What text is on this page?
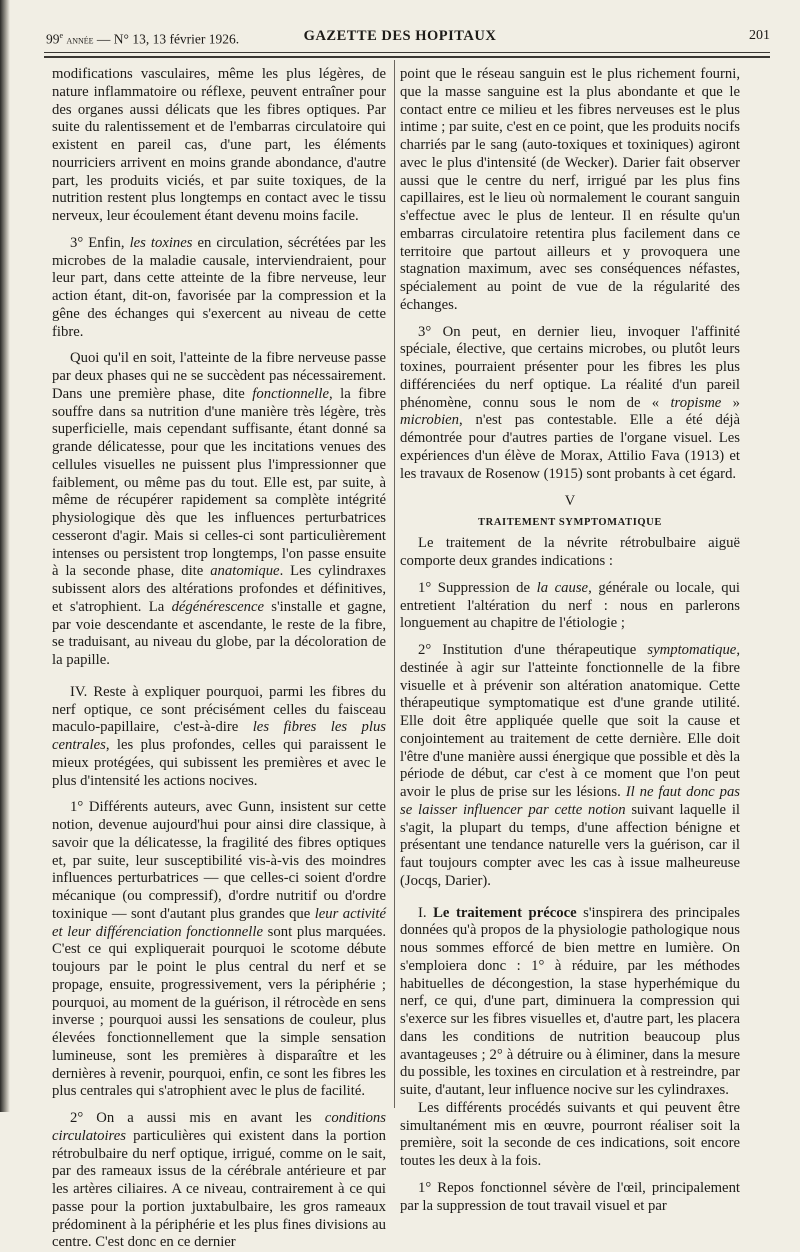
99e année — N° 13, 13 février 1926.	GAZETTE DES HOPITAUX	201

modifications vasculaires, même les plus légères, de nature inflammatoire ou réflexe, peuvent entraîner pour des organes aussi délicats que les fibres optiques. Par suite du ralentissement et de l'embarras circulatoire qui existent en pareil cas, d'une part, les éléments nourriciers arrivent en moins grande abondance, d'autre part, les produits viciés, et par suite toxiques, de la nutrition restent plus longtemps en contact avec le tissu nerveux, leur écoulement étant devenu moins facile.

3° Enfin, les toxines en circulation, sécrétées par les microbes de la maladie causale, interviendraient, pour leur part, dans cette atteinte de la fibre nerveuse, leur action étant, dit-on, favorisée par la compression et la gêne des échanges qui s'exercent au niveau de cette fibre.

Quoi qu'il en soit, l'atteinte de la fibre nerveuse passe par deux phases qui ne se succèdent pas nécessairement. Dans une première phase, dite fonctionnelle, la fibre souffre dans sa nutrition d'une manière très légère, très superficielle, mais cependant suffisante, étant donné sa grande délicatesse, pour que les incitations venues des cellules visuelles ne puissent plus l'impressionner que faiblement, ou même pas du tout. Elle est, par suite, à même de récupérer rapidement sa complète intégrité physiologique dès que les influences perturbatrices cesseront d'agir. Mais si celles-ci sont particulièrement intenses ou persistent trop longtemps, l'on passe ensuite à la seconde phase, dite anatomique. Les cylindraxes subissent alors des altérations profondes et définitives, et s'atrophient. La dégénérescence s'installe et gagne, par voie descendante et ascendante, le reste de la fibre, se traduisant, au niveau du globe, par la décoloration de la papille.

IV. Reste à expliquer pourquoi, parmi les fibres du nerf optique, ce sont précisément celles du faisceau maculo-papillaire, c'est-à-dire les fibres les plus centrales, les plus profondes, celles qui paraissent le mieux protégées, qui subissent les premières et avec le plus d'intensité les actions nocives.

1° Différents auteurs, avec Gunn, insistent sur cette notion, devenue aujourd'hui pour ainsi dire classique, à savoir que la délicatesse, la fragilité des fibres optiques et, par suite, leur susceptibilité vis-à-vis des moindres influences perturbatrices — que celles-ci soient d'ordre mécanique (ou compressif), d'ordre nutritif ou d'ordre toxinique — sont d'autant plus grandes que leur activité et leur différenciation fonctionnelle sont plus marquées. C'est ce qui expliquerait pourquoi le scotome débute toujours par le point le plus central du nerf et se propage, ensuite, progressivement, vers la périphérie ; pourquoi, au moment de la guérison, il rétrocède en sens inverse ; pourquoi aussi les sensations de couleur, plus élevées fonctionnellement que la simple sensation lumineuse, sont les premières à disparaître et les dernières à revenir, pourquoi, enfin, ce sont les fibres les plus centrales qui s'atrophient avec le plus de facilité.

2° On a aussi mis en avant les conditions circulatoires particulières qui existent dans la portion rétrobulbaire du nerf optique, irrigué, comme on le sait, par des rameaux issus de la cérébrale antérieure et par les artères ciliaires. A ce niveau, contrairement à ce qui passe pour la portion juxtabulbaire, les gros rameaux prédominent à la périphérie et les plus fines divisions au centre. C'est donc en ce dernier

point que le réseau sanguin est le plus richement fourni, que la masse sanguine est la plus abondante et que le contact entre ce milieu et les fibres nerveuses est le plus intime ; par suite, c'est en ce point, que les produits nocifs charriés par le sang (auto-toxiques et toxiniques) agiront avec le plus d'intensité (de Wecker). Darier fait observer aussi que le centre du nerf, irrigué par les plus fins capillaires, est le lieu où normalement le courant sanguin s'effectue avec le plus de lenteur. Il en résulte qu'un embarras circulatoire retentira plus facilement dans ce territoire que partout ailleurs et y provoquera une stagnation maximum, avec ses conséquences néfastes, spécialement au point de vue de la régularité des échanges.

3° On peut, en dernier lieu, invoquer l'affinité spéciale, élective, que certains microbes, ou plutôt leurs toxines, pourraient présenter pour les fibres les plus différenciées du nerf optique. La réalité d'un pareil phénomène, connu sous le nom de « tropisme » microbien, n'est pas contestable. Elle a été déjà démontrée pour d'autres parties de l'organe visuel. Les expériences d'un élève de Morax, Attilio Fava (1913) et les travaux de Rosenow (1915) sont probants à cet égard.

V
TRAITEMENT SYMPTOMATIQUE

Le traitement de la névrite rétrobulbaire aiguë comporte deux grandes indications :

1° Suppression de la cause, générale ou locale, qui entretient l'altération du nerf : nous en parlerons longuement au chapitre de l'étiologie ;

2° Institution d'une thérapeutique symptomatique, destinée à agir sur l'atteinte fonctionnelle de la fibre visuelle et à prévenir son altération anatomique. Cette thérapeutique symptomatique est d'une grande utilité. Elle doit être appliquée quelle que soit la cause et conjointement au traitement de cette dernière. Elle doit l'être d'une manière aussi énergique que possible et dès la période de début, car c'est à ce moment que l'on peut avoir le plus de prise sur les lésions. Il ne faut donc pas se laisser influencer par cette notion suivant laquelle il s'agit, la plupart du temps, d'une affection bénigne et présentant une tendance naturelle vers la guérison, car il faut toujours compter avec les cas à issue malheureuse (Jocqs, Darier).

I. Le traitement précoce s'inspirera des principales données qu'à propos de la physiologie pathologique nous nous sommes efforcé de bien mettre en lumière. On s'emploiera donc : 1° à réduire, par les méthodes habituelles de décongestion, la stase hyperhémique du nerf, ce qui, d'une part, diminuera la compression qui s'exerce sur les fibres visuelles et, d'autre part, les placera dans les conditions de nutrition beaucoup plus avantageuses ; 2° à détruire ou à éliminer, dans la mesure du possible, les toxines en circulation et à restreindre, par suite, d'autant, leur influence nocive sur les cylindraxes.

Les différents procédés suivants et qui peuvent être simultanément mis en œuvre, pourront réaliser soit la première, soit la seconde de ces indications, soit encore toutes les deux à la fois.

1° Repos fonctionnel sévère de l'œil, principalement par la suppression de tout travail visuel et par
